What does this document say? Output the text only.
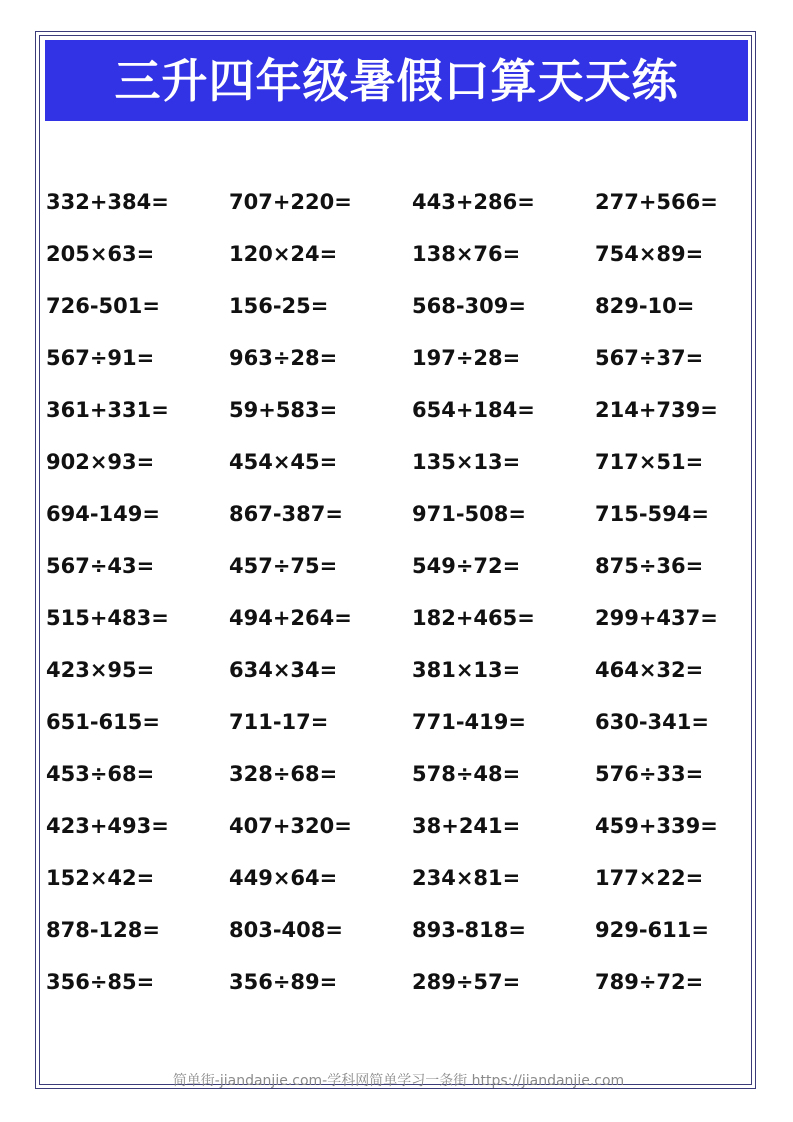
三升四年级暑假口算天天练
332+384=	707+220=	443+286=	277+566=
205×63=	120×24=	138×76=	754×89=
726-501=	156-25=	568-309=	829-10=
567÷91=	963÷28=	197÷28=	567÷37=
361+331=	59+583=	654+184=	214+739=
902×93=	454×45=	135×13=	717×51=
694-149=	867-387=	971-508=	715-594=
567÷43=	457÷75=	549÷72=	875÷36=
515+483=	494+264=	182+465=	299+437=
423×95=	634×34=	381×13=	464×32=
651-615=	711-17=	771-419=	630-341=
453÷68=	328÷68=	578÷48=	576÷33=
423+493=	407+320=	38+241=	459+339=
152×42=	449×64=	234×81=	177×22=
878-128=	803-408=	893-818=	929-611=
356÷85=	356÷89=	289÷57=	789÷72=
简单街-jiandanjie.com-学科网简单学习一条街 https://jiandanjie.com
